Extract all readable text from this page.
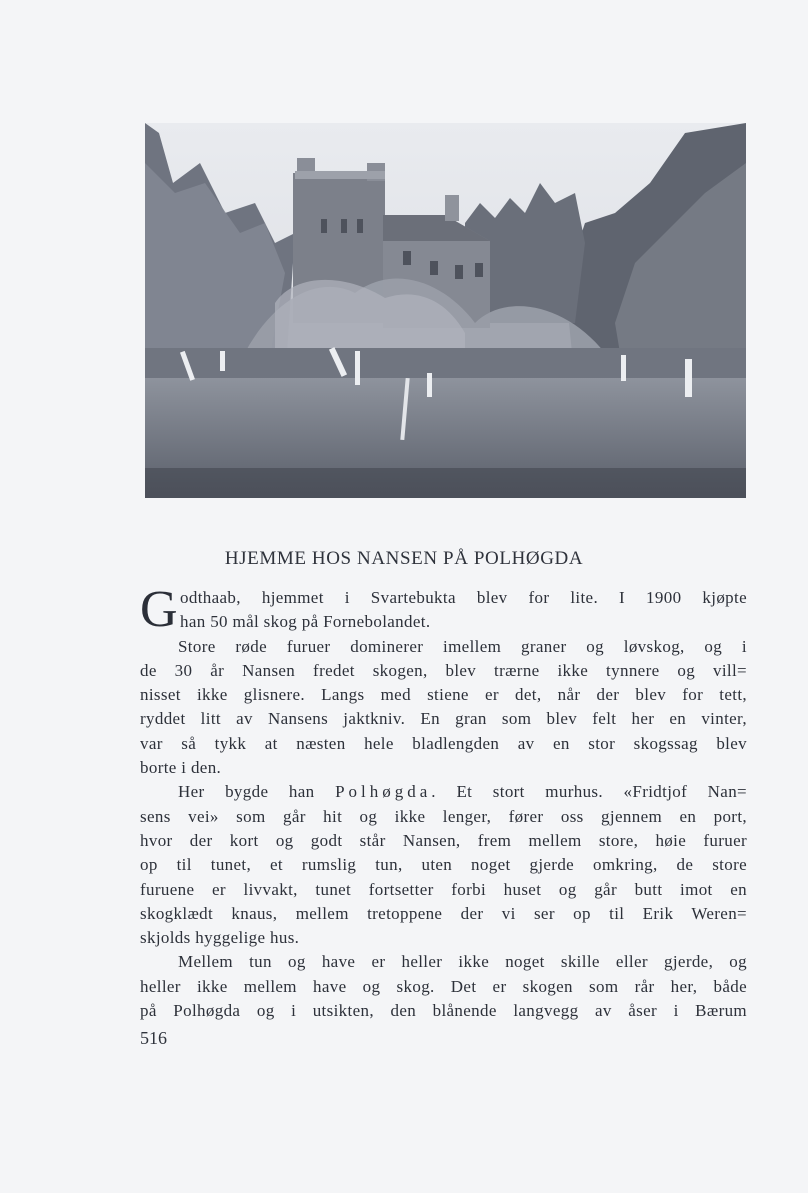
HJEMME HOS NANSEN PÅ POLHØGDA
G odthaab, hjemmet i Svartebukta blev for lite. I 1900 kjøpte
han 50 mål skog på Fornebolandet.
Store røde furuer dominerer imellem graner og løvskog, og i
de 30 år Nansen fredet skogen, blev trærne ikke tynnere og vill=
nisset ikke glisnere. Langs med stiene er det, når der blev for tett,
ryddet litt av Nansens jaktkniv. En gran som blev felt her en vinter,
var så tykk at næsten hele bladlengden av en stor skogssag blev
borte i den.
Her bygde han Polhøgda. Et stort murhus. «Fridtjof Nan=
sens vei» som går hit og ikke lenger, fører oss gjennem en port,
hvor der kort og godt står Nansen, frem mellem store, høie furuer
op til tunet, et rumslig tun, uten noget gjerde omkring, de store
furuene er livvakt, tunet fortsetter forbi huset og går butt imot en
skogklædt knaus, mellem tretoppene der vi ser op til Erik Weren=
skjolds hyggelige hus.
Mellem tun og have er heller ikke noget skille eller gjerde, og
heller ikke mellem have og skog. Det er skogen som rår her, både
på Polhøgda og i utsikten, den blånende langvegg av åser i Bærum
516
